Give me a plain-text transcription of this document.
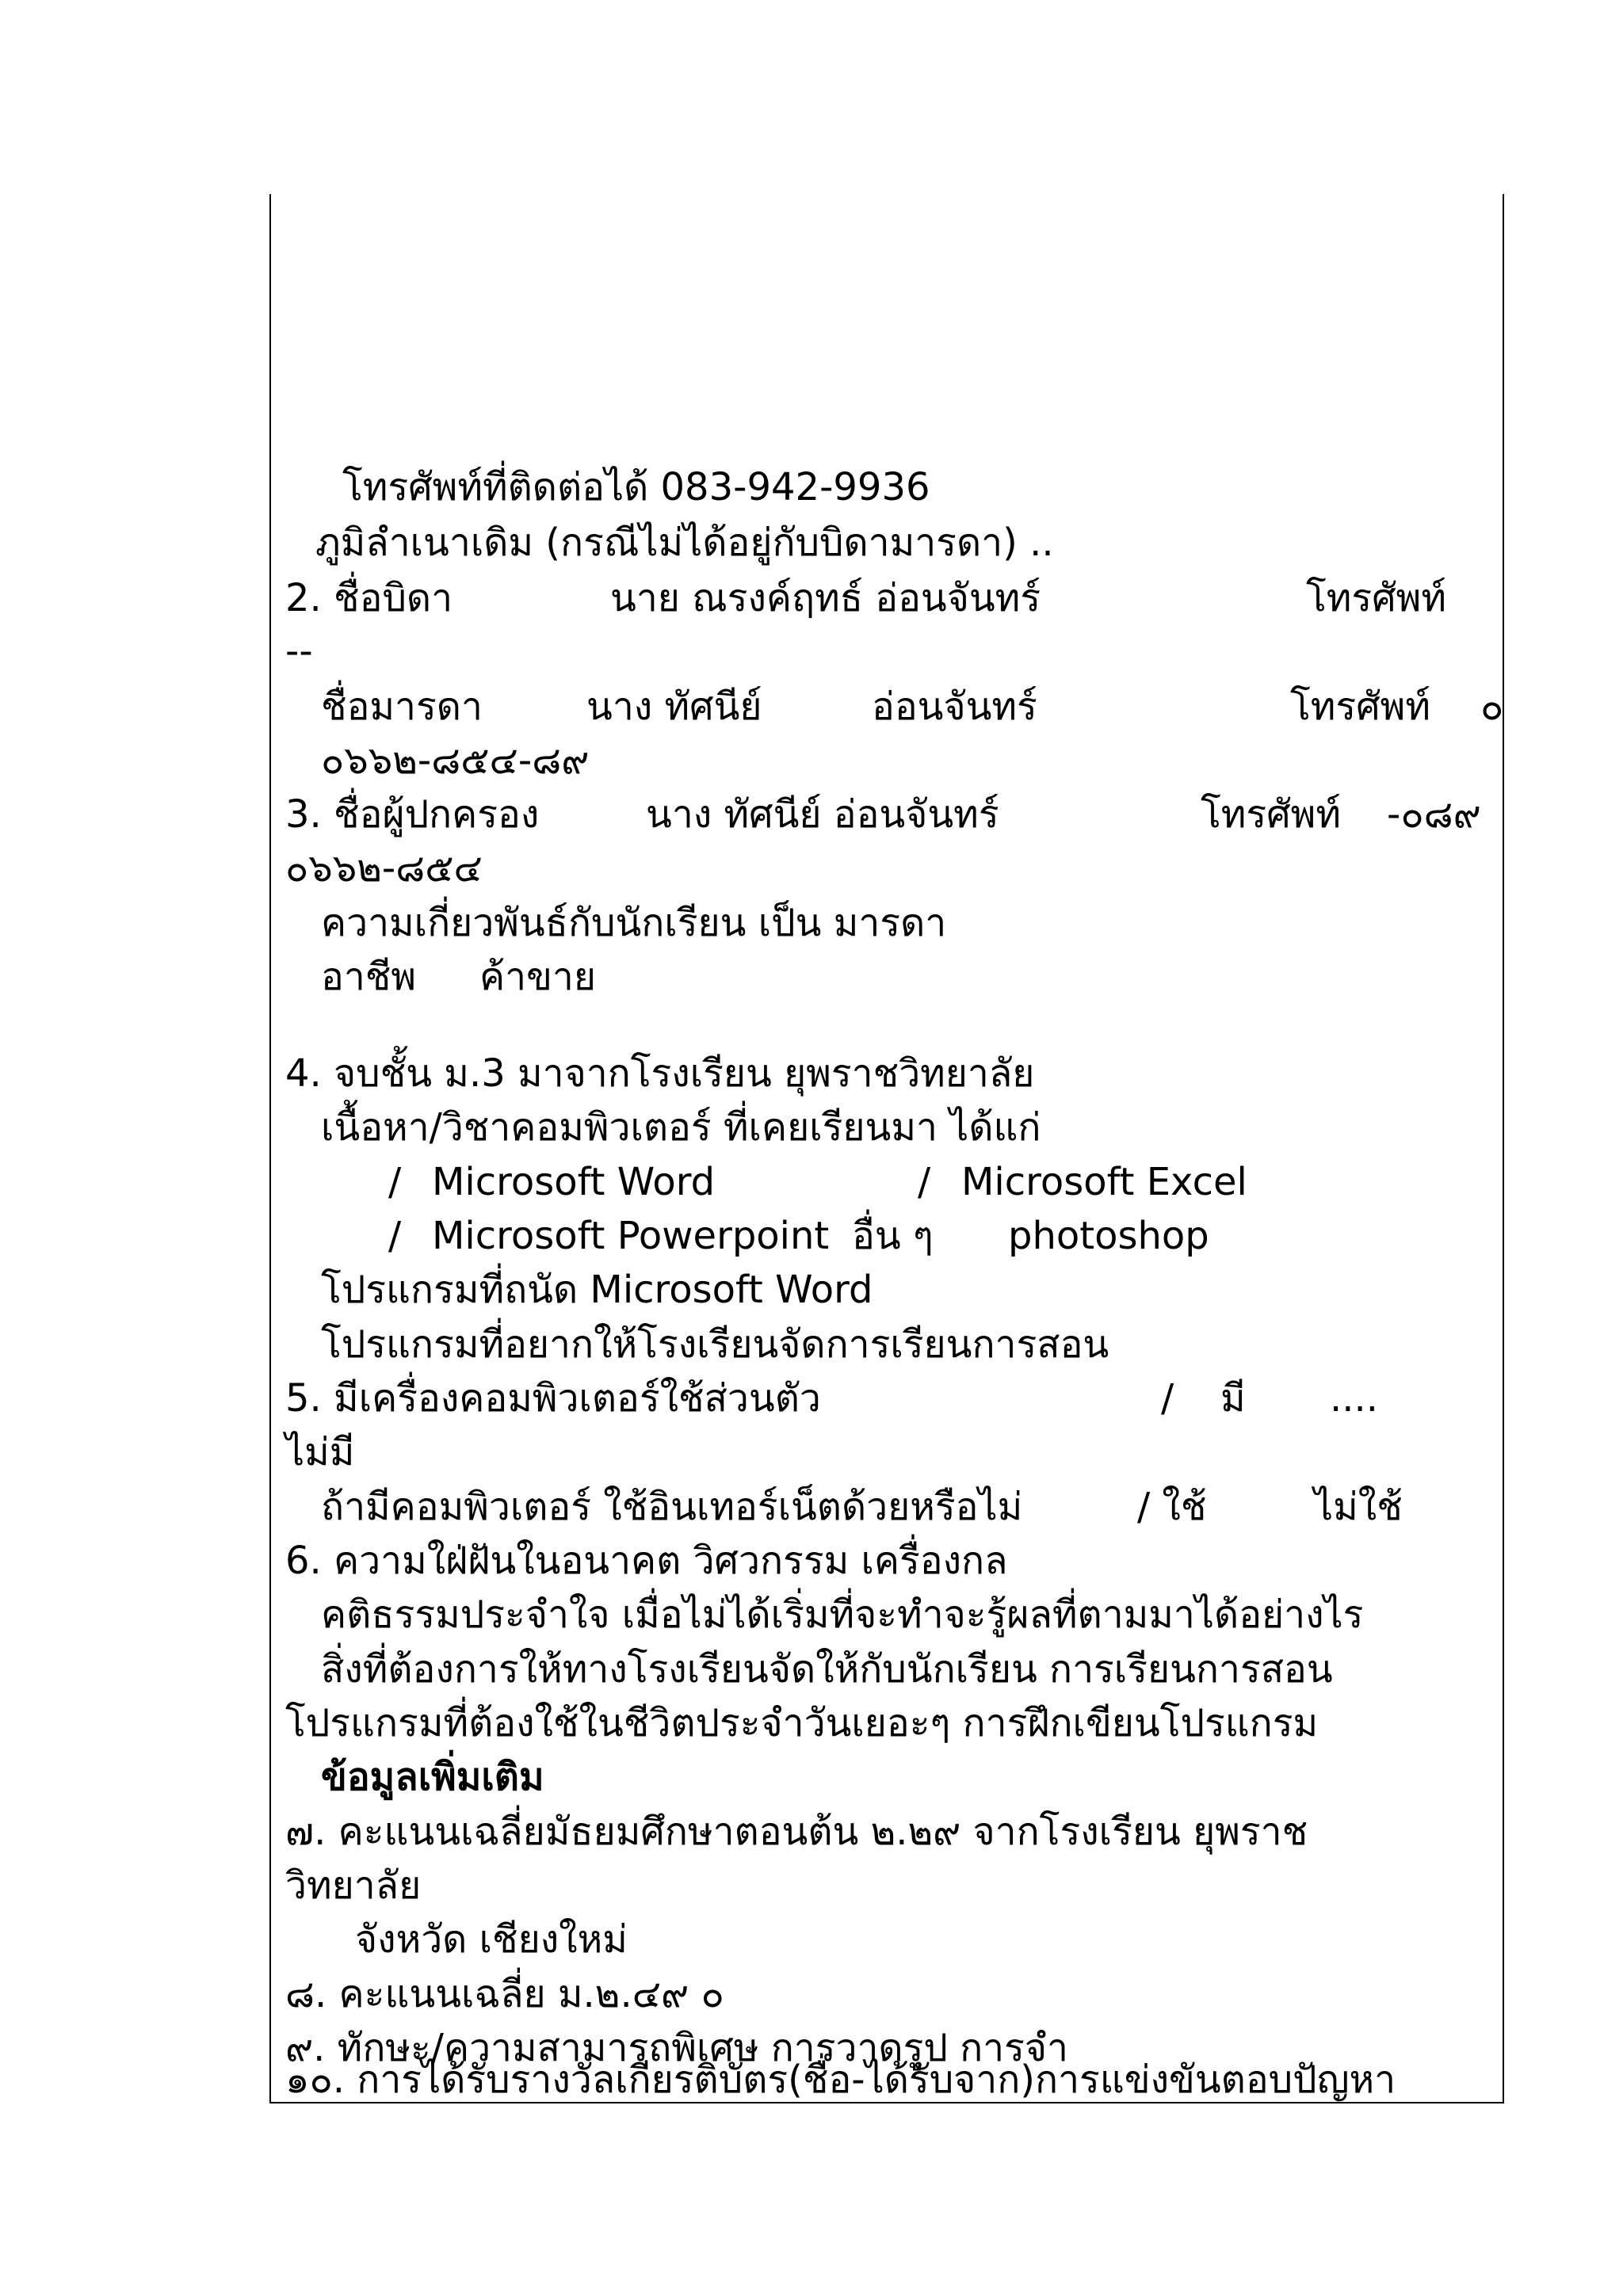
โทรศัพท์ที่ติดต่อได้ 083-942-9936
ภูมิลำเนาเดิม (กรณีไม่ได้อยู่กับบิดามารดา) ..
2. ชื่อบิดา	นาย ณรงค์ฤทธ์ อ่อนจันทร์	โทรศัพท์
--
ชื่อมารดา	นาง ทัศนีย์	อ่อนจันทร์	โทรศัพท์ ๐
๐๖๖๒-๘๕๔-๘๙
3. ชื่อผู้ปกครอง	นาง ทัศนีย์ อ่อนจันทร์	โทรศัพท์ -๐๘๙
๐๖๖๒-๘๕๔
ความเกี่ยวพันธ์กับนักเรียน เป็น มารดา
อาชีพ ค้าขาย
4. จบชั้น ม.3 มาจากโรงเรียน ยุพราชวิทยาลัย
เนื้อหา/วิชาคอมพิวเตอร์ ที่เคยเรียนมา ได้แก่
/ Microsoft Word	/ Microsoft Excel
/ Microsoft Powerpoint อื่น ๆ photoshop
โปรแกรมที่ถนัด Microsoft Word
โปรแกรมที่อยากให้โรงเรียนจัดการเรียนการสอน
5. มีเครื่องคอมพิวเตอร์ใช้ส่วนตัว	/ มี ....
ไม่มี
ถ้ามีคอมพิวเตอร์ ใช้อินเทอร์เน็ตด้วยหรือไม่	/ ใช้	ไม่ใช้
6. ความใฝ่ฝันในอนาคต วิศวกรรม เครื่องกล
คติธรรมประจำใจ เมื่อไม่ได้เริ่มที่จะทำจะรู้ผลที่ตามมาได้อย่างไร
สิ่งที่ต้องการให้ทางโรงเรียนจัดให้กับนักเรียน การเรียนการสอน
โปรแกรมที่ต้องใช้ในชีวิตประจำวันเยอะๆ การฝึกเขียนโปรแกรม
ข้อมูลเพิ่มเติม
๗. คะแนนเฉลี่ยมัธยมศึกษาตอนต้น ๒.๒๙ จากโรงเรียน ยุพราช
วิทยาลัย
จังหวัด เชียงใหม่
๘. คะแนนเฉลี่ย ม.๒.๔๙ ๐
๙. ทักษะ/ความสามารถพิเศษ การวาดรูป การจำ
๑๐. การได้รับรางวัลเกียรติบัตร(ชื่อ-ได้รับจาก)การแข่งขันตอบปัญหา
